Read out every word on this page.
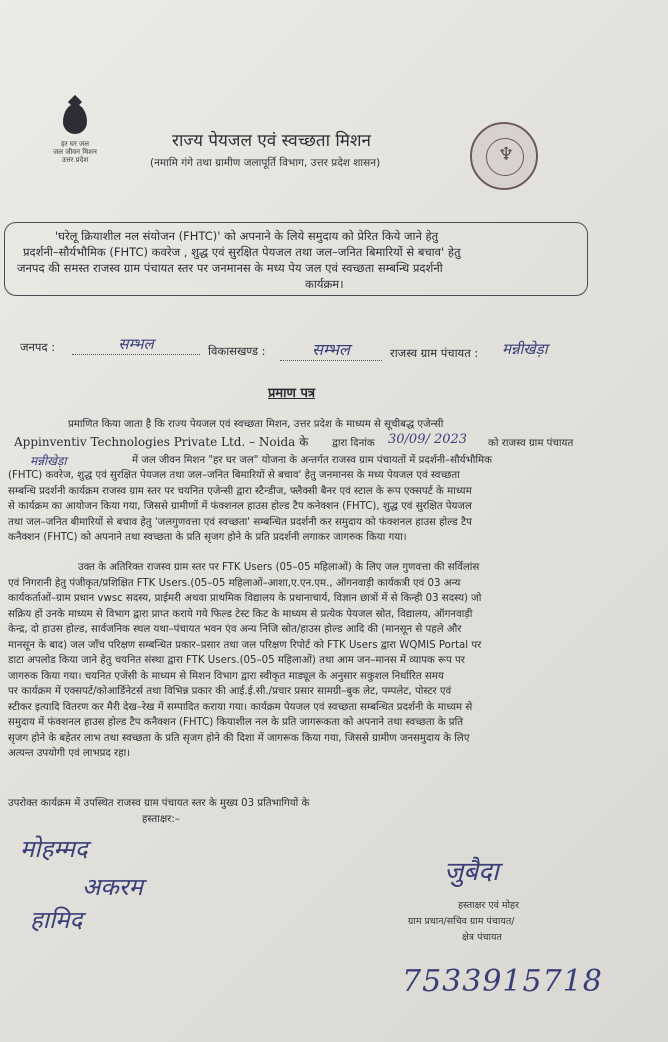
हर घर जल
जल जीवन मिशन
उत्तर प्रदेश
राज्य पेयजल एवं स्वच्छता मिशन
(नमामि गंगे तथा ग्रामीण जलापूर्ति विभाग, उत्तर प्रदेश शासन)	♆

'घरेलू क्रियाशील नल संयोजन (FHTC)' को अपनाने के लिये समुदाय को प्रेरित किये जाने हेतु

प्रदर्शनी–सौर्यभौमिक (FHTC) कवरेज , शुद्ध एवं सुरक्षित पेयजल तथा जल–जनित बिमारियों से बचाव' हेतु

जनपद की समस्त राजस्व ग्राम पंचायत स्तर पर जनमानस के मध्य पेय जल एवं स्वच्छता सम्बन्धि प्रदर्शनी

कार्यक्रम।

जनपद :	सम्भल	विकासखण्ड :	सम्भल	राजस्व ग्राम पंचायत : मन्नीखेड़ा
प्रमाण पत्र
प्रमाणित किया जाता है कि राज्य पेयजल एवं स्वच्छता मिशन, उत्तर प्रदेश के माध्यम से सूचीबद्ध एजेन्सी
Appinventiv Technologies Private Ltd. – Noida के द्वारा दिनांक 30/09/ 2023 को राजस्व ग्राम पंचायत
मन्नीखेड़ा	में जल जीवन मिशन "हर घर जल" योजना के अन्तर्गत राजस्व ग्राम पंचायतों में प्रदर्शनी–सौर्यभौमिक
(FHTC) कवरेज, शुद्ध एवं सुरक्षित पेयजल तथा जल–जनित बिमारियों से बचाव' हेतु जनमानस के मध्य पेयजल एवं स्वच्छता
सम्बन्धि प्रदर्शनी कार्यक्रम राजस्व ग्राम स्तर पर चयनित एजेन्सी द्वारा स्टैन्डीज, फ्लैक्सी बैनर एवं स्टाल के रूप एक्सपर्ट के माध्यम
से कार्यक्रम का आयोजन किया गया, जिससे ग्रामीणों में फंक्शनल हाउस होल्ड टैप कनेक्शन (FHTC), शुद्ध एवं सुरक्षित पेयजल
तथा जल–जनित बीमारियों से बचाव हेतु 'जलगुणवत्ता एवं स्वच्छता' सम्बन्धित प्रदर्शनी कर समुदाय को फंक्शनल हाउस होल्ड टैप
कनैक्शन (FHTC) को अपनाने तथा स्वच्छता के प्रति सृजग होने के प्रति प्रदर्शनी लगाकर जागरुक किया गया।
उक्त के अतिरिक्त राजस्व ग्राम स्तर पर FTK Users (05–05 महिलाओं) के लिए जल गुणवत्ता की सर्विलांस
एवं निगरानी हेतु पंजीकृत/प्रशिक्षित FTK Users.(05–05 महिलाओं–आशा,ए.एन.एम., ऑगनवाड़ी कार्यकत्री एवं 03 अन्य
कार्यकर्ताओं–ग्राम प्रधान vwsc सदस्य, प्राईमरी अथवा प्राथमिक विद्यालय के प्रधानाचार्य, विज्ञान छात्रों में से किन्ही 03 सदस्य) जो
सक्रिय हों उनके माध्यम से विभाग द्वारा प्राप्त कराये गये फिल्ड टेस्ट किट के माध्यम से प्रत्येक पेयजल स्रोत, विद्यालय, ऑगनवाड़ी
केन्द्र, दो हाउस होल्ड, सार्वजनिक स्थल यथा–पंचायत भवन एंव अन्य निजि स्रोत/हाउस होल्ड आदि की (मानसून से पहले और
मानसून के बाद) जल जाँच परिक्षण सम्बन्धित प्रकार–प्रसार तथा जल परिक्षण रिपोर्ट को FTK Users द्वारा WQMIS Portal पर
डाटा अपलोड किया जाने हेतु चयनित संस्था द्वारा FTK Users.(05–05 महिलाओं) तथा आम जन–मानस में व्यापक रूप पर
जागरुक किया गया। चयनित एजेंसी के माध्यम से मिशन विभाग द्वारा स्वीकृत माड्यूल के अनुसार सकुशल निर्धारित समय
पर कार्यक्रम में एक्सपर्ट/कोआर्डिनेटर्स तथा विभिन्न प्रकार की आई.ई.सी./प्रचार प्रसार सामग्री–बुक लेट, पम्पलेट, पोस्टर एवं
स्टीकर इत्यादि वितरण कर मैरी देख–रेख में सम्पादित कराया गया। कार्यक्रम पेयजल एवं स्वच्छता सम्बन्धित प्रदर्शनी के माध्यम से
समुदाय में फंक्शनल हाउस होल्ड टैप कनैक्शन (FHTC) कियाशील नल के प्रति जागरूकता को अपनाने तथा स्वच्छता के प्रति
सृजग होने के बहेतर लाभ तथा स्वच्छता के प्रति सृजग होने की दिशा में जागरूक किया गया, जिससे ग्रामीण जनसमुदाय के लिए
अत्यन्त उपयोगी एवं लाभप्रद रहा।
उपरोक्त कार्यक्रम में उपस्थित राजस्व ग्राम पंचायत स्तर के मुख्य 03 प्रतिभागियों के
हस्ताक्षर:–
मोहम्मद
अकरम
हामिद
जुबैदा
हस्ताक्षर एवं मोहर
ग्राम प्रधान/सचिव ग्राम पंचायत/
क्षेत्र पंचायत
7533915718
